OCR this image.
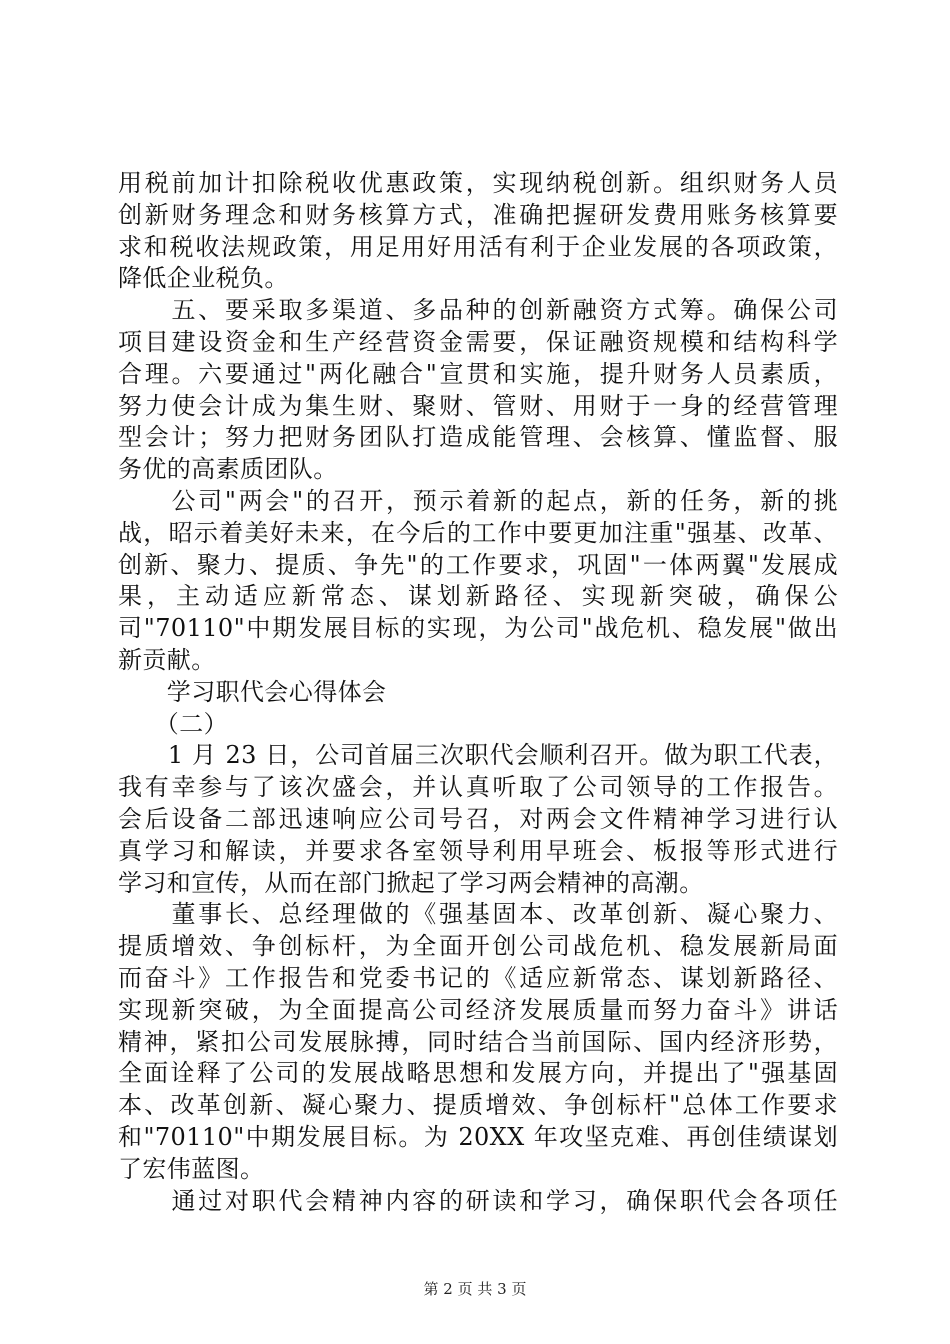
用税前加计扣除税收优惠政策，实现纳税创新。组织财务人员
创新财务理念和财务核算方式，准确把握研发费用账务核算要
求和税收法规政策，用足用好用活有利于企业发展的各项政策，
降低企业税负。
　　五、要采取多渠道、多品种的创新融资方式筹。确保公司
项目建设资金和生产经营资金需要，保证融资规模和结构科学
合理。六要通过"两化融合"宣贯和实施，提升财务人员素质，
努力使会计成为集生财、聚财、管财、用财于一身的经营管理
型会计；努力把财务团队打造成能管理、会核算、懂监督、服
务优的高素质团队。
　　公司"两会"的召开，预示着新的起点，新的任务，新的挑
战，昭示着美好未来，在今后的工作中要更加注重"强基、改革、
创新、聚力、提质、争先"的工作要求，巩固"一体两翼"发展成
果，主动适应新常态、谋划新路径、实现新突破，确保公
司"70110"中期发展目标的实现，为公司"战危机、稳发展"做出
新贡献。
　　学习职代会心得体会
　　（二）
　　1 月 23 日，公司首届三次职代会顺利召开。做为职工代表，
我有幸参与了该次盛会，并认真听取了公司领导的工作报告。
会后设备二部迅速响应公司号召，对两会文件精神学习进行认
真学习和解读，并要求各室领导利用早班会、板报等形式进行
学习和宣传，从而在部门掀起了学习两会精神的高潮。
　　董事长、总经理做的《强基固本、改革创新、凝心聚力、
提质增效、争创标杆，为全面开创公司战危机、稳发展新局面
而奋斗》工作报告和党委书记的《适应新常态、谋划新路径、
实现新突破，为全面提高公司经济发展质量而努力奋斗》讲话
精神，紧扣公司发展脉搏，同时结合当前国际、国内经济形势，
全面诠释了公司的发展战略思想和发展方向，并提出了"强基固
本、改革创新、凝心聚力、提质增效、争创标杆"总体工作要求
和"70110"中期发展目标。为 20XX 年攻坚克难、再创佳绩谋划
了宏伟蓝图。
　　通过对职代会精神内容的研读和学习，确保职代会各项任
第 2 页 共 3 页
